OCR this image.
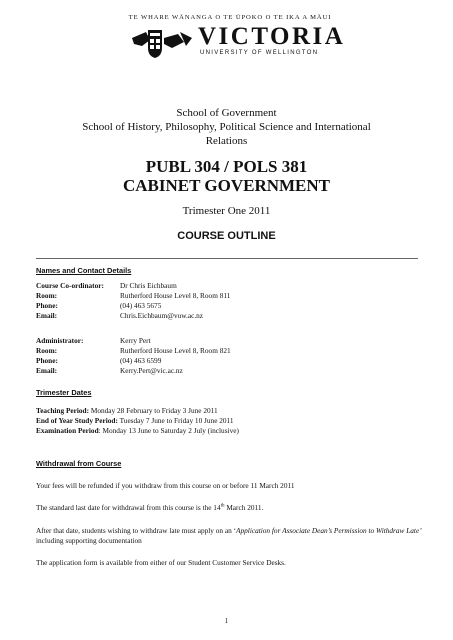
TE WHARE WĀNANGA O TE ŪPOKO O TE IKA A MĀUI
VICTORIA
UNIVERSITY OF WELLINGTON
School of Government
School of History, Philosophy, Political Science and International
Relations
PUBL 304 / POLS 381
CABINET GOVERNMENT
Trimester One 2011
COURSE OUTLINE
Names and Contact Details
Course Co-ordinator: Dr Chris Eichbaum
Room:	Rutherford House Level 8, Room 811
Phone:	(04) 463 5675
Email:	Chris.Eichbaum@vuw.ac.nz
Administrator:	Kerry Pert
Room:	Rutherford House Level 8, Room 821
Phone:	(04) 463 6599
Email:	Kerry.Pert@vic.ac.nz
Trimester Dates
Teaching Period: Monday 28 February to Friday 3 June 2011
End of Year Study Period: Tuesday 7 June to Friday 10 June 2011
Examination Period: Monday 13 June to Saturday 2 July (inclusive)
Withdrawal from Course
Your fees will be refunded if you withdraw from this course on or before 11 March 2011
The standard last date for withdrawal from this course is the 14th March 2011.
After that date, students wishing to withdraw late must apply on an ‘Application for Associate Dean’s Permission to Withdraw Late’ including supporting documentation
The application form is available from either of our Student Customer Service Desks.
1
